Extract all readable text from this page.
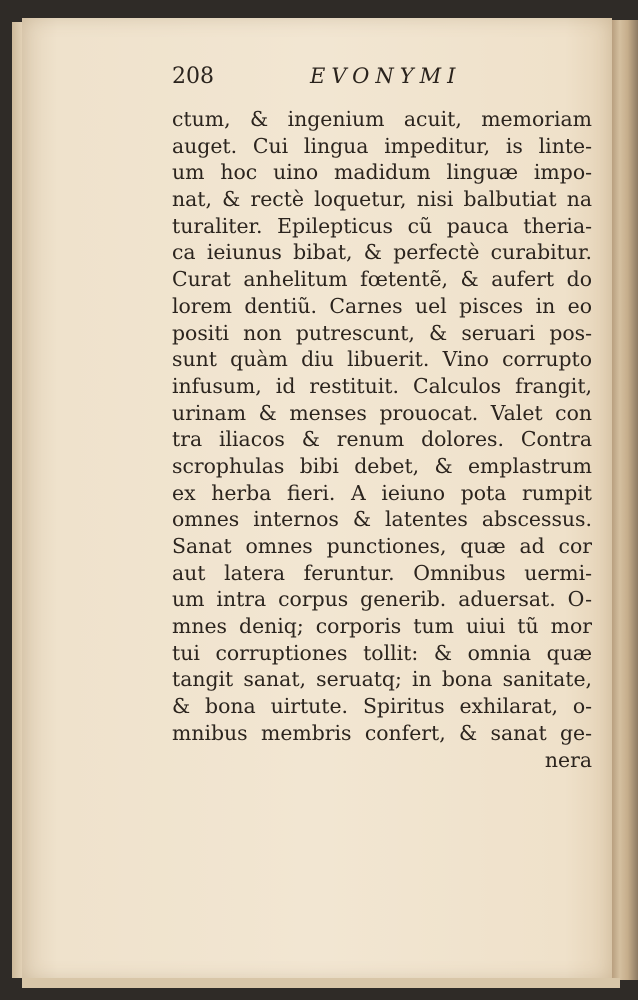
208	EVONYMI
ctum, & ingenium acuit, memoriam
auget. Cui lingua impeditur, is linte-
um hoc uino madidum linguæ impo-
nat, & rectè loquetur, nisi balbutiat na
turaliter. Epilepticus cũ pauca theria-
ca ieiunus bibat, & perfectè curabitur.
Curat anhelitum fœtentẽ, & aufert do
lorem dentiũ. Carnes uel pisces in eo
positi non putrescunt, & seruari pos-
sunt quàm diu libuerit. Vino corrupto
infusum, id restituit. Calculos frangit,
urinam & menses prouocat. Valet con
tra iliacos & renum dolores. Contra
scrophulas bibi debet, & emplastrum
ex herba fieri. A ieiuno pota rumpit
omnes internos & latentes abscessus.
Sanat omnes punctiones, quæ ad cor
aut latera feruntur. Omnibus uermi-
um intra corpus generib. aduersat. O-
mnes deniq; corporis tum uiui tũ mor
tui corruptiones tollit: & omnia quæ
tangit sanat, seruatq; in bona sanitate,
& bona uirtute. Spiritus exhilarat, o-
mnibus membris confert, & sanat ge-
nera
